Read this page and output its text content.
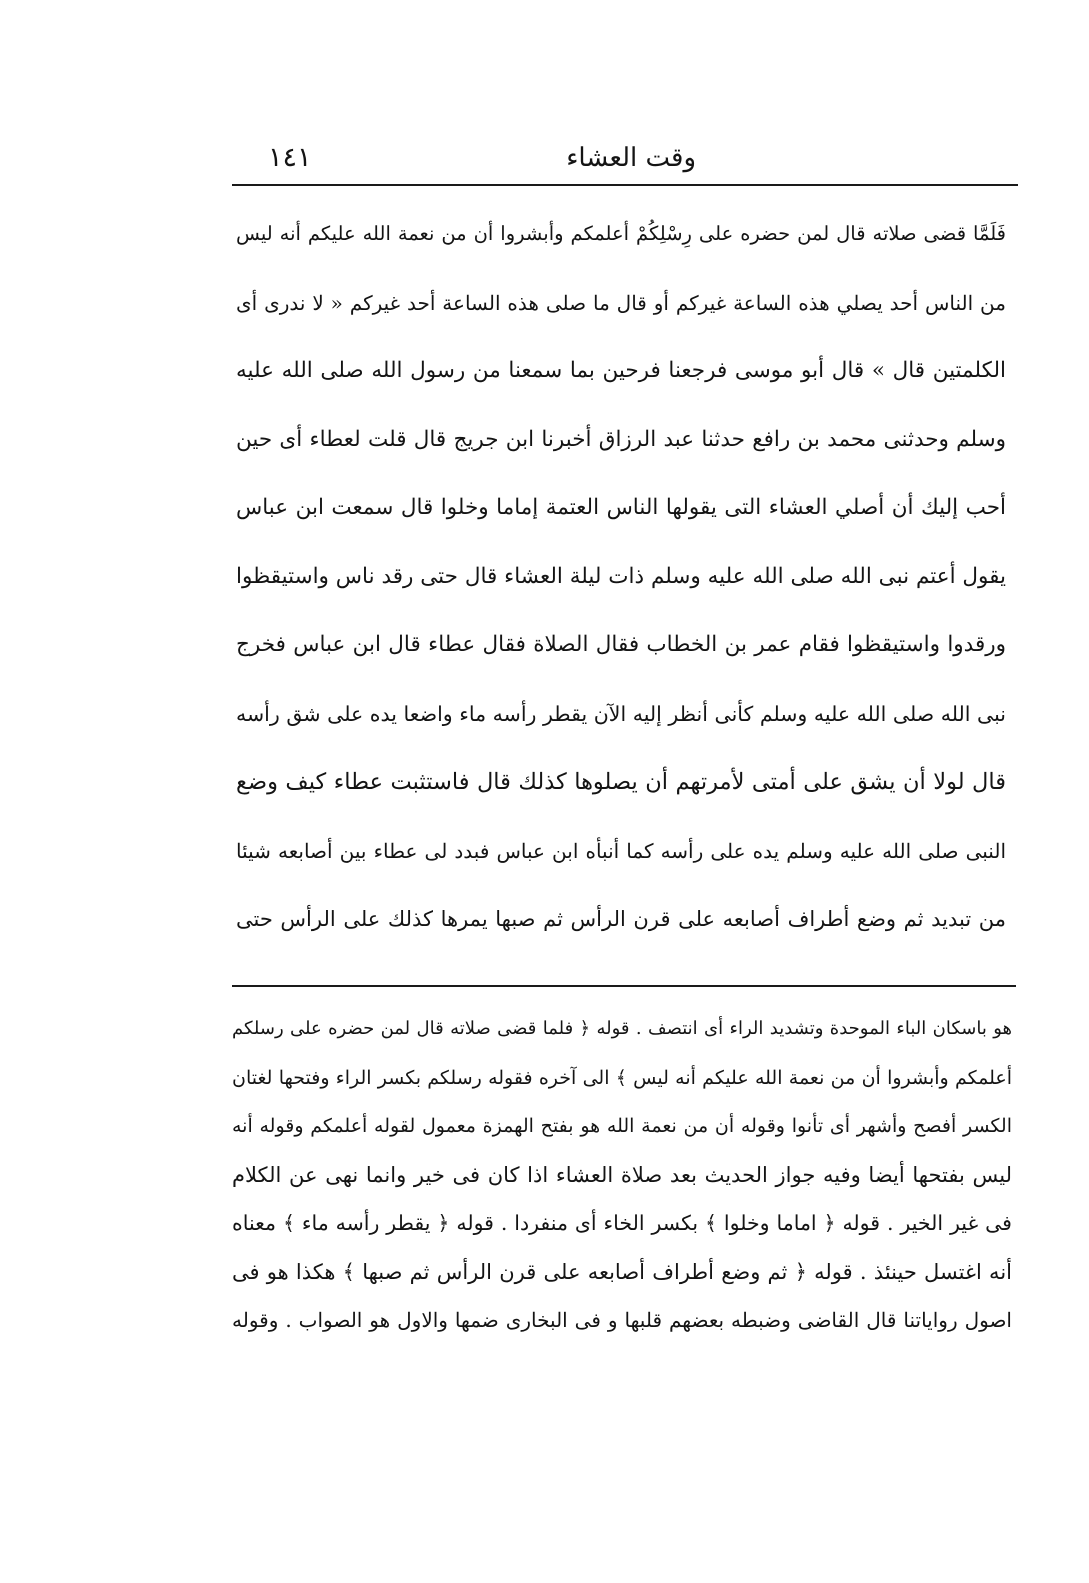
وقت العشاء
١٤١
فَلَمَّا قضى صلاته قال لمن حضره على رِسْلِكُمْ أعلمكم وأبشروا أن من نعمة الله عليكم أنه ليس
من الناس أحد يصلي هذه الساعة غيركم أو قال ما صلى هذه الساعة أحد غيركم « لا ندرى أى
الكلمتين قال » قال أبو موسى فرجعنا فرحين بما سمعنا من رسول الله صلى الله عليه
وسلم وحدثنى محمد بن رافع حدثنا عبد الرزاق أخبرنا ابن جريج قال قلت لعطاء أى حين
أحب إليك أن أصلي العشاء التى يقولها الناس العتمة إماما وخلوا قال سمعت ابن عباس
يقول أعتم نبى الله صلى الله عليه وسلم ذات ليلة العشاء قال حتى رقد ناس واستيقظوا
ورقدوا واستيقظوا فقام عمر بن الخطاب فقال الصلاة فقال عطاء قال ابن عباس فخرج
نبى الله صلى الله عليه وسلم كأنى أنظر إليه الآن يقطر رأسه ماء واضعا يده على شق رأسه
قال لولا أن يشق على أمتى لأمرتهم أن يصلوها كذلك قال فاستثبت عطاء كيف وضع
النبى صلى الله عليه وسلم يده على رأسه كما أنبأه ابن عباس فبدد لى عطاء بين أصابعه شيئا
من تبديد ثم وضع أطراف أصابعه على قرن الرأس ثم صبها يمرها كذلك على الرأس حتى
هو باسكان الباء الموحدة وتشديد الراء أى انتصف . قوله ﴿ فلما قضى صلاته قال لمن حضره على رسلكم
أعلمكم وأبشروا أن من نعمة الله عليكم أنه ليس ﴾ الى آخره فقوله رسلكم بكسر الراء وفتحها لغتان
الكسر أفصح وأشهر أى تأنوا وقوله أن من نعمة الله هو بفتح الهمزة معمول لقوله أعلمكم وقوله أنه
ليس بفتحها أيضا وفيه جواز الحديث بعد صلاة العشاء اذا كان فى خير وانما نهى عن الكلام
فى غير الخير . قوله ﴿ اماما وخلوا ﴾ بكسر الخاء أى منفردا . قوله ﴿ يقطر رأسه ماء ﴾ معناه
أنه اغتسل حينئذ . قوله ﴿ ثم وضع أطراف أصابعه على قرن الرأس ثم صبها ﴾ هكذا هو فى
اصول رواياتنا قال القاضى وضبطه بعضهم قلبها و فى البخارى ضمها والاول هو الصواب . وقوله
